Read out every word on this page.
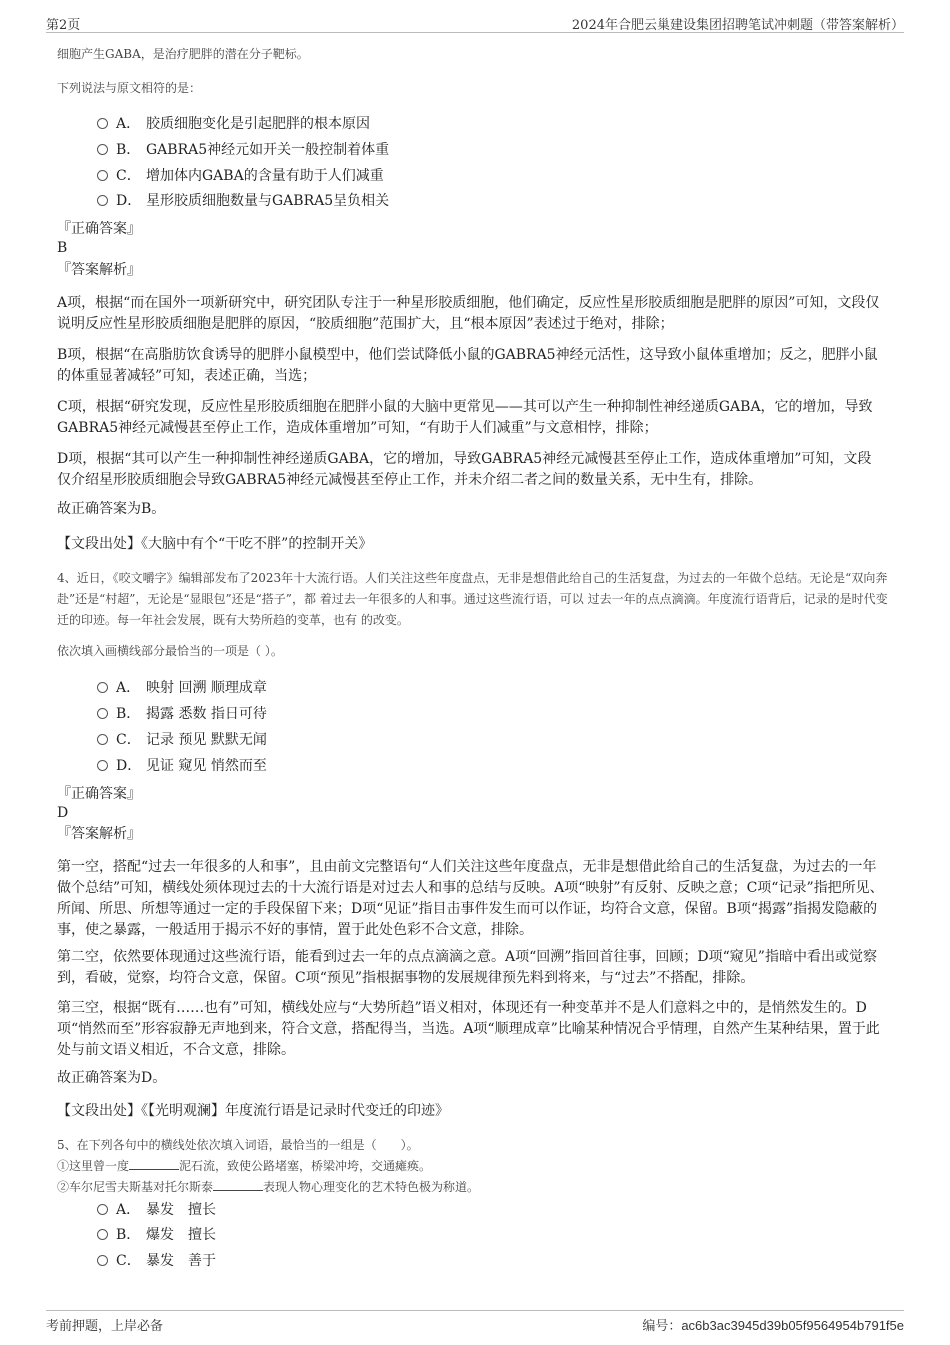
第2页	2024年合肥云巢建设集团招聘笔试冲刺题（带答案解析）

细胞产生GABA，是治疗肥胖的潜在分子靶标。

下列说法与原文相符的是：

A． 胶质细胞变化是引起肥胖的根本原因
B． GABRA5神经元如开关一般控制着体重
C． 增加体内GABA的含量有助于人们减重
D． 星形胶质细胞数量与GABRA5呈负相关
『正确答案』
B
『答案解析』

A项，根据“而在国外一项新研究中，研究团队专注于一种星形胶质细胞，他们确定，反应性星形胶质细胞是肥胖的原因”可知，文段仅说明反应性星形胶质细胞是肥胖的原因，“胶质细胞”范围扩大，且“根本原因”表述过于绝对，排除；

B项，根据“在高脂肪饮食诱导的肥胖小鼠模型中，他们尝试降低小鼠的GABRA5神经元活性，这导致小鼠体重增加；反之，肥胖小鼠的体重显著减轻”可知，表述正确，当选；

C项，根据“研究发现，反应性星形胶质细胞在肥胖小鼠的大脑中更常见——其可以产生一种抑制性神经递质GABA，它的增加，导致GABRA5神经元减慢甚至停止工作，造成体重增加”可知，“有助于人们减重”与文意相悖，排除；

D项，根据“其可以产生一种抑制性神经递质GABA，它的增加，导致GABRA5神经元减慢甚至停止工作，造成体重增加”可知，文段仅介绍星形胶质细胞会导致GABRA5神经元减慢甚至停止工作，并未介绍二者之间的数量关系，无中生有，排除。

故正确答案为B。

【文段出处】《大脑中有个“干吃不胖”的控制开关》

4、近日，《咬文嚼字》编辑部发布了2023年十大流行语。人们关注这些年度盘点，无非是想借此给自己的生活复盘，为过去的一年做个总结。无论是“双向奔赴”还是“村超”，无论是“显眼包”还是“搭子”，都 着过去一年很多的人和事。通过这些流行语，可以 过去一年的点点滴滴。年度流行语背后，记录的是时代变迁的印迹。每一年社会发展，既有大势所趋的变革，也有 的改变。

依次填入画横线部分最恰当的一项是（ ）。

A． 映射 回溯 顺理成章
B． 揭露 悉数 指日可待
C． 记录 预见 默默无闻
D． 见证 窥见 悄然而至
『正确答案』
D
『答案解析』

第一空，搭配“过去一年很多的人和事”，且由前文完整语句“人们关注这些年度盘点，无非是想借此给自己的生活复盘，为过去的一年做个总结”可知，横线处须体现过去的十大流行语是对过去人和事的总结与反映。A项“映射”有反射、反映之意；C项“记录”指把所见、所闻、所思、所想等通过一定的手段保留下来；D项“见证”指目击事件发生而可以作证，均符合文意，保留。B项“揭露”指揭发隐蔽的事，使之暴露，一般适用于揭示不好的事情，置于此处色彩不合文意，排除。

第二空，依然要体现通过这些流行语，能看到过去一年的点点滴滴之意。A项“回溯”指回首往事，回顾；D项“窥见”指暗中看出或觉察到，看破，觉察，均符合文意，保留。C项“预见”指根据事物的发展规律预先料到将来，与“过去”不搭配，排除。

第三空，根据“既有……也有”可知，横线处应与“大势所趋”语义相对，体现还有一种变革并不是人们意料之中的，是悄然发生的。D项“悄然而至”形容寂静无声地到来，符合文意，搭配得当，当选。A项“顺理成章”比喻某种情况合乎情理，自然产生某种结果，置于此处与前文语义相近，不合文意，排除。

故正确答案为D。

【文段出处】《【光明观澜】年度流行语是记录时代变迁的印迹》

5、在下列各句中的横线处依次填入词语，最恰当的一组是（　　）。

①这里曾一度	泥石流，致使公路堵塞，桥梁冲垮，交通瘫痪。

②车尔尼雪夫斯基对托尔斯泰	表现人物心理变化的艺术特色极为称道。

A． 暴发　擅长
B． 爆发　擅长
C． 暴发　善于
考前押题，上岸必备	编号：ac6b3ac3945d39b05f9564954b791f5e
